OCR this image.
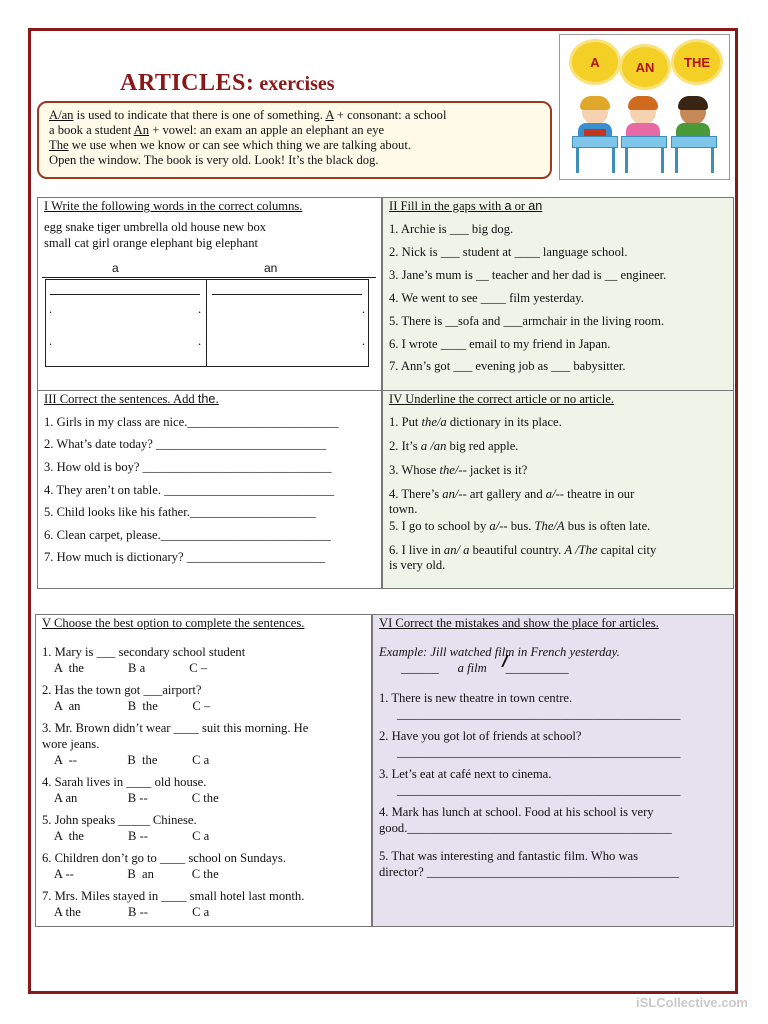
ARTICLES: exercises
A/an is used to indicate that there is one of something. A + consonant: a school
a book a student An + vowel: an exam an apple an elephant an eye
The we use when we know or can see which thing we are talking about.
Open the window. The book is very old. Look! It’s the black dog.
A	AN	THE
I Write the following words in the correct columns.
egg snake tiger umbrella old house new box
small cat girl orange elephant big elephant
a	an
.	.	.
.	.	.
II Fill in the gaps with a or an
1. Archie is ___ big dog.
2. Nick is ___ student at ____ language school.
3. Jane’s mum is __ teacher and her dad is __ engineer.
4. We went to see ____ film yesterday.
5. There is __sofa and ___armchair in the living room.
6. I wrote ____ email to my friend in Japan.
7. Ann’s got ___ evening job as ___ babysitter.
III Correct the sentences. Add the.
1. Girls in my class are nice.________________________
2. What’s date today? ___________________________
3. How old is boy? ______________________________
4. They aren’t on table. ___________________________
5. Child looks like his father.____________________
6. Clean carpet, please.___________________________
7. How much is dictionary? ______________________
IV Underline the correct article or no article.
1. Put the/a dictionary in its place.
2. It’s a /an big red apple.
3. Whose the/-- jacket is it?
4. There’s an/-- art gallery and a/-- theatre in our
town.
5. I go to school by a/-- bus. The/A bus is often late.
6. I live in an/ a beautiful country. A /The capital city
is very old.
V Choose the best option to complete the sentences.
1. Mary is ___ secondary school student
A  the              B a              C –
2. Has the town got ___airport?
A  an               B  the           C –
3. Mr. Brown didn’t wear ____ suit this morning. He
wore jeans.
A  --                B  the           C a
4. Sarah lives in ____ old house.
A an                B --              C the
5. John speaks _____ Chinese.
A  the              B --              C a
6. Children don’t go to ____ school on Sundays.
A --                 B  an            C the
7. Mrs. Miles stayed in ____ small hotel last month.
A the               B --              C a
VI Correct the mistakes and show the place for articles.
Example: Jill watched film in French yesterday.
______      a film      __________
1. There is new theatre in town centre.
_____________________________________________
2. Have you got lot of friends at school?
_____________________________________________
3. Let’s eat at café next to cinema.
_____________________________________________
4. Mark has lunch at school. Food at his school is very
good.__________________________________________
5. That was interesting and fantastic film. Who was
director? ________________________________________
iSLCollective.com
